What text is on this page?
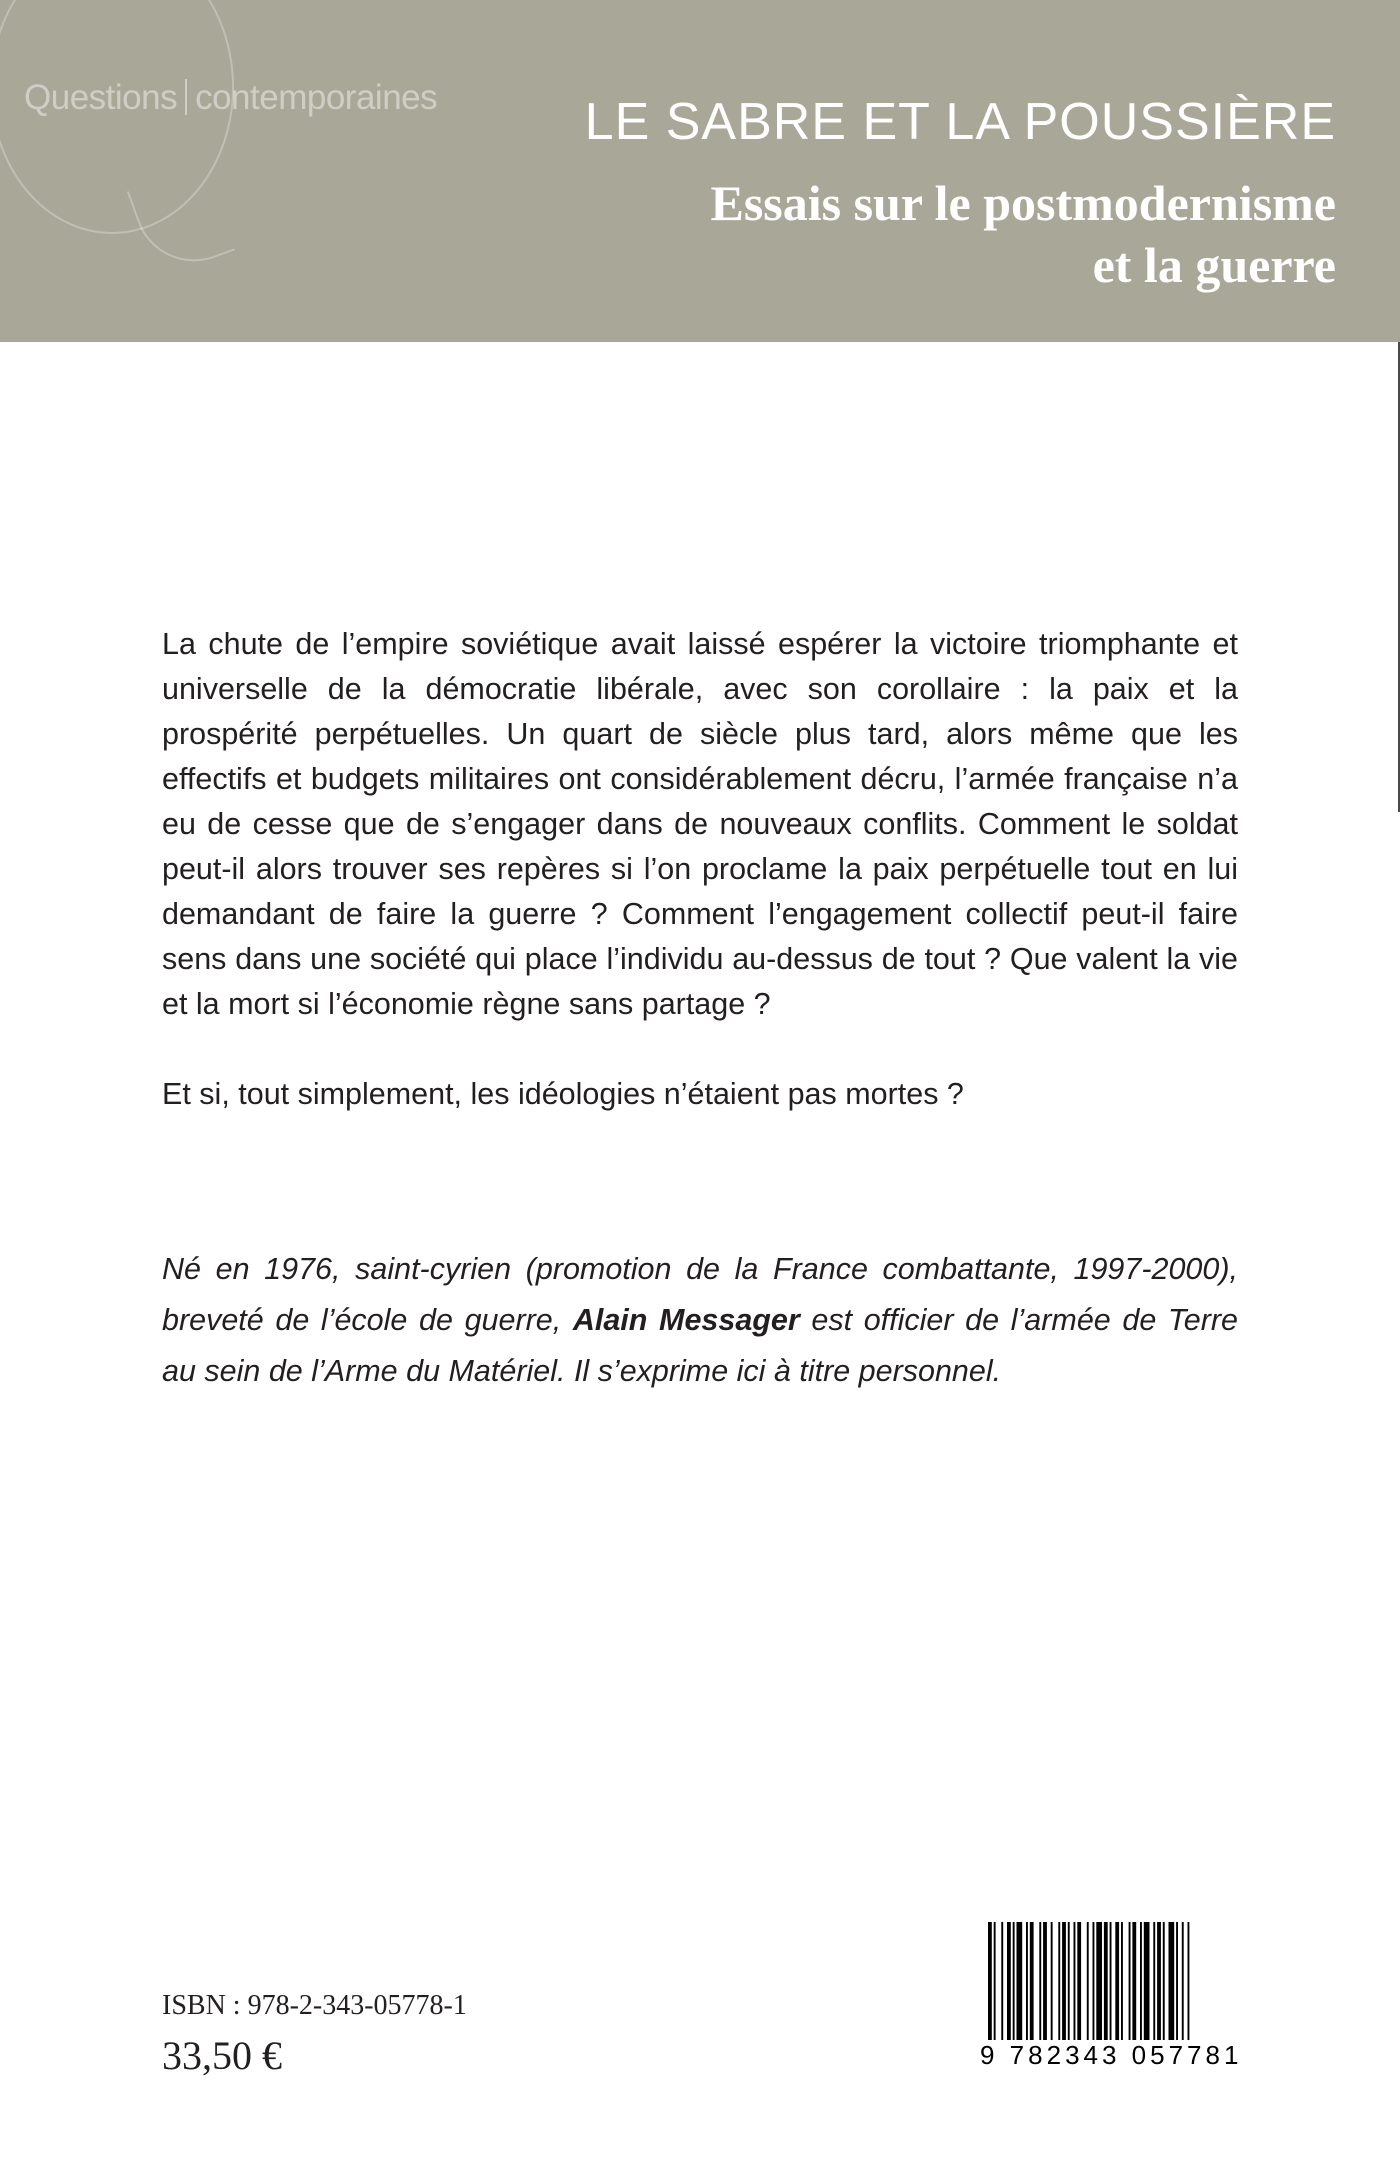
Questions contemporaines	LE SABRE ET LA POUSSIÈRE
Essais sur le postmodernisme
et la guerre

La chute de l’empire soviétique avait laissé espérer la victoire triomphante et universelle de la démocratie libérale, avec son corollaire : la paix et la prospérité perpétuelles. Un quart de siècle plus tard, alors même que les effectifs et budgets militaires ont considérablement décru, l’armée française n’a eu de cesse que de s’engager dans de nouveaux conflits. Comment le soldat peut-il alors trouver ses repères si l’on proclame la paix perpétuelle tout en lui demandant de faire la guerre ? Comment l’engagement collectif peut-il faire sens dans une société qui place l’individu au-dessus de tout ? Que valent la vie et la mort si l’économie règne sans partage ?

Et si, tout simplement, les idéologies n’étaient pas mortes ?

Né en 1976, saint-cyrien (promotion de la France combattante, 1997-2000), breveté de l’école de guerre, Alain Messager est officier de l’armée de Terre au sein de l’Arme du Matériel. Il s’exprime ici à titre personnel.
ISBN : 978-2-343-05778-1
33,50 €	9 782343 057781
